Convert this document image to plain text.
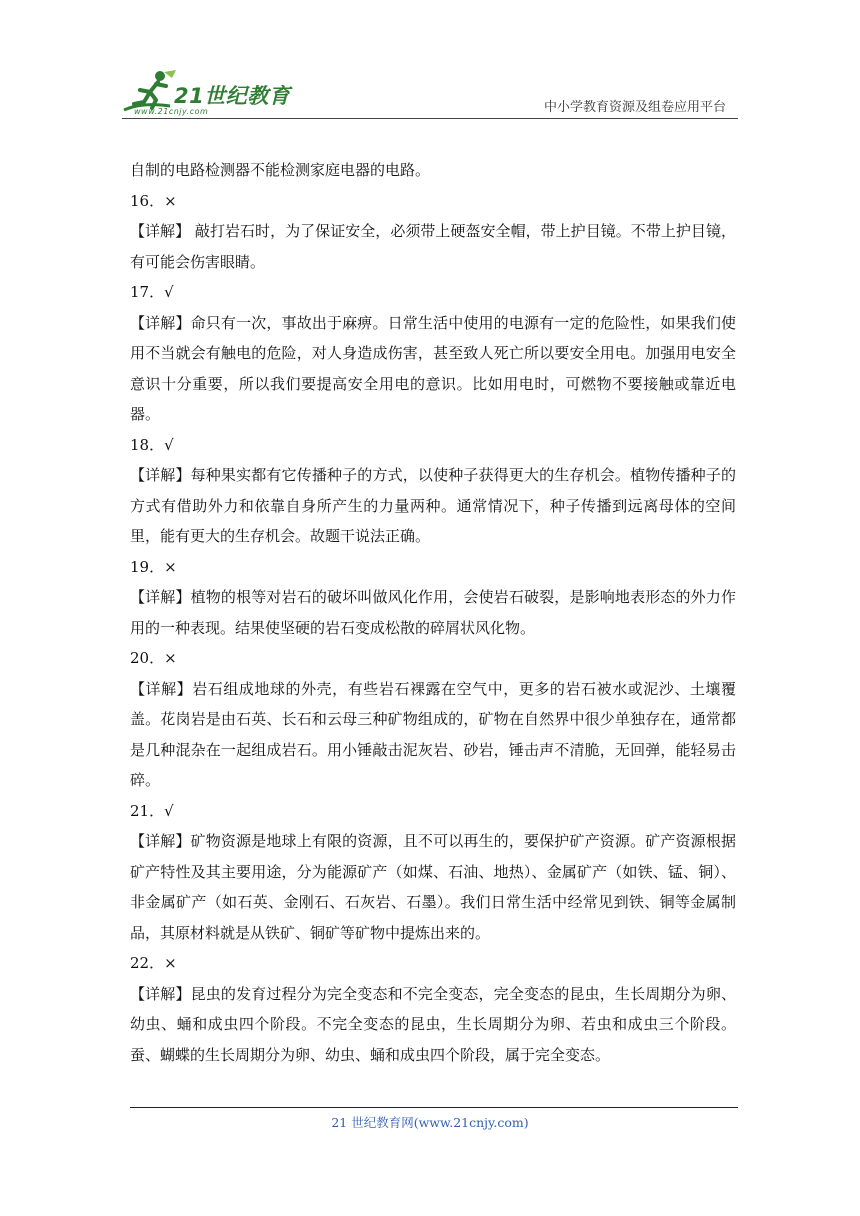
21世纪教育
www.21cnjy.com	中小学教育资源及组卷应用平台

自制的电路检测器不能检测家庭电器的电路。

16．×

【详解】 敲打岩石时，为了保证安全，必须带上硬盔安全帽，带上护目镜。不带上护目镜，有可能会伤害眼睛。

17．√

【详解】命只有一次，事故出于麻痹。日常生活中使用的电源有一定的危险性，如果我们使用不当就会有触电的危险，对人身造成伤害，甚至致人死亡所以要安全用电。加强用电安全意识十分重要，所以我们要提高安全用电的意识。比如用电时，可燃物不要接触或靠近电器。

18．√

【详解】每种果实都有它传播种子的方式，以使种子获得更大的生存机会。植物传播种子的方式有借助外力和依靠自身所产生的力量两种。通常情况下，种子传播到远离母体的空间里，能有更大的生存机会。故题干说法正确。

19．×

【详解】植物的根等对岩石的破坏叫做风化作用，会使岩石破裂，是影响地表形态的外力作用的一种表现。结果使坚硬的岩石变成松散的碎屑状风化物。

20．×

【详解】岩石组成地球的外壳，有些岩石裸露在空气中，更多的岩石被水或泥沙、土壤覆盖。花岗岩是由石英、长石和云母三种矿物组成的，矿物在自然界中很少单独存在，通常都是几种混杂在一起组成岩石。用小锤敲击泥灰岩、砂岩，锤击声不清脆，无回弹，能轻易击碎。

21．√

【详解】矿物资源是地球上有限的资源，且不可以再生的，要保护矿产资源。矿产资源根据矿产特性及其主要用途，分为能源矿产（如煤、石油、地热）、金属矿产（如铁、锰、铜）、非金属矿产（如石英、金刚石、石灰岩、石墨）。我们日常生活中经常见到铁、铜等金属制品，其原材料就是从铁矿、铜矿等矿物中提炼出来的。

22．×

【详解】昆虫的发育过程分为完全变态和不完全变态，完全变态的昆虫，生长周期分为卵、幼虫、蛹和成虫四个阶段。不完全变态的昆虫，生长周期分为卵、若虫和成虫三个阶段。蚕、蝴蝶的生长周期分为卵、幼虫、蛹和成虫四个阶段，属于完全变态。

21 世纪教育网(www.21cnjy.com)
